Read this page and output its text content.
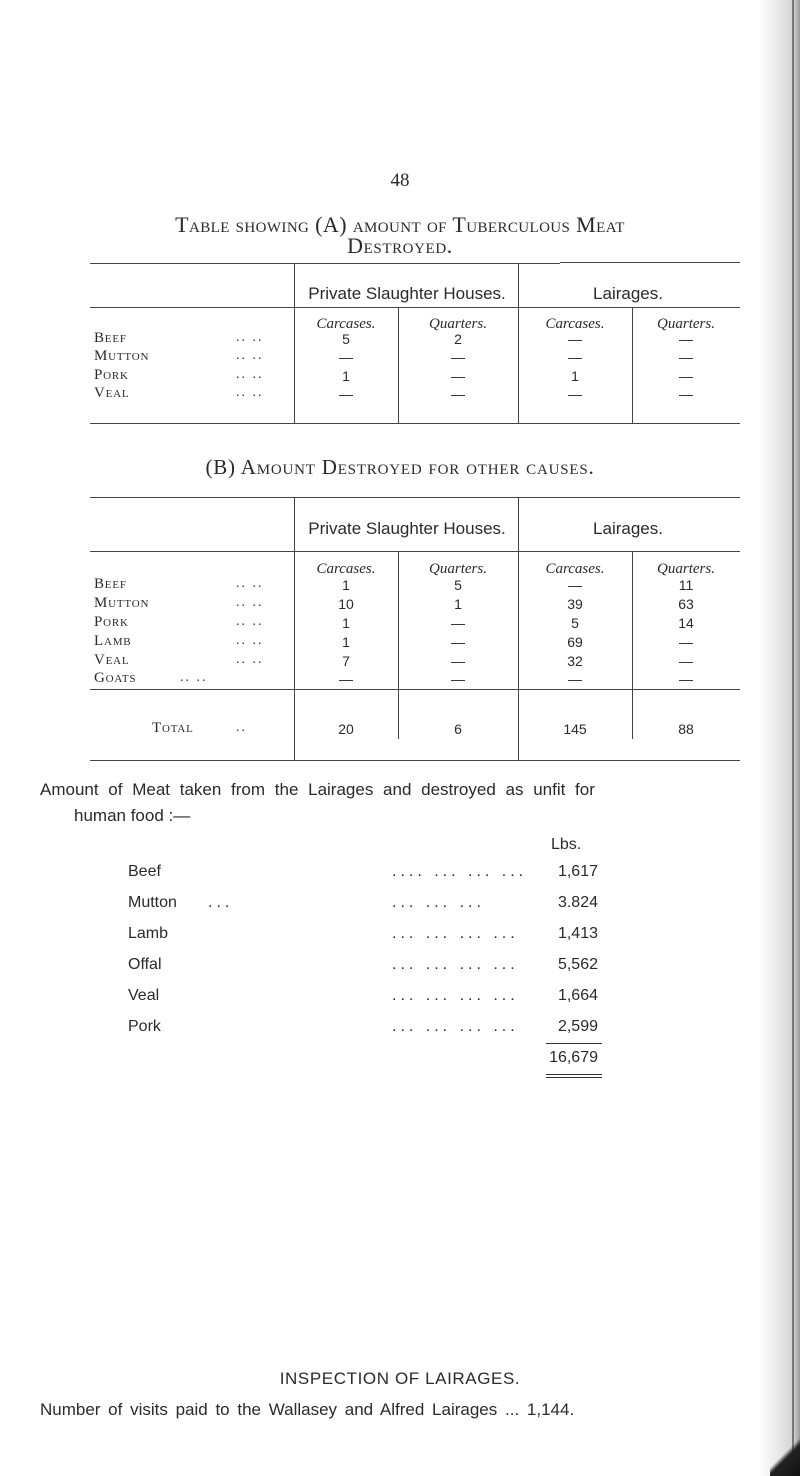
48
Table showing (A) amount of Tuberculous Meat
Destroyed.
Private Slaughter Houses.	Lairages.
Carcases.	Quarters.	Carcases.	Quarters.
Beef	.. ..	5	2	—	—
Mutton	.. ..	—	—	—	—
Pork	.. ..	1	—	1	—
Veal	.. ..	—	—	—	—
(B) Amount Destroyed for other causes.
Private Slaughter Houses.	Lairages.
Carcases.	Quarters.	Carcases.	Quarters.
Beef	.. ..	1	5	—	11
Mutton	.. ..	10	1	39	63
Pork	.. ..	1	—	5	14
Lamb	.. ..	1	—	69	—
Veal	.. ..	7	—	32	—
Goats	.. ..	—	—	—	—
Total	..	20	6	145	88
Amount of Meat taken from the Lairages and destroyed as unfit for
human food :—
Lbs.
Beef	.... ... ... ...	1,617
Mutton ...	... ... ...	3.824
Lamb	... ... ... ...	1,413
Offal	... ... ... ...	5,562
Veal	... ... ... ...	1,664
Pork	... ... ... ...	2,599
16,679
INSPECTION OF LAIRAGES.
Number of visits paid to the Wallasey and Alfred Lairages ... 1,144.
